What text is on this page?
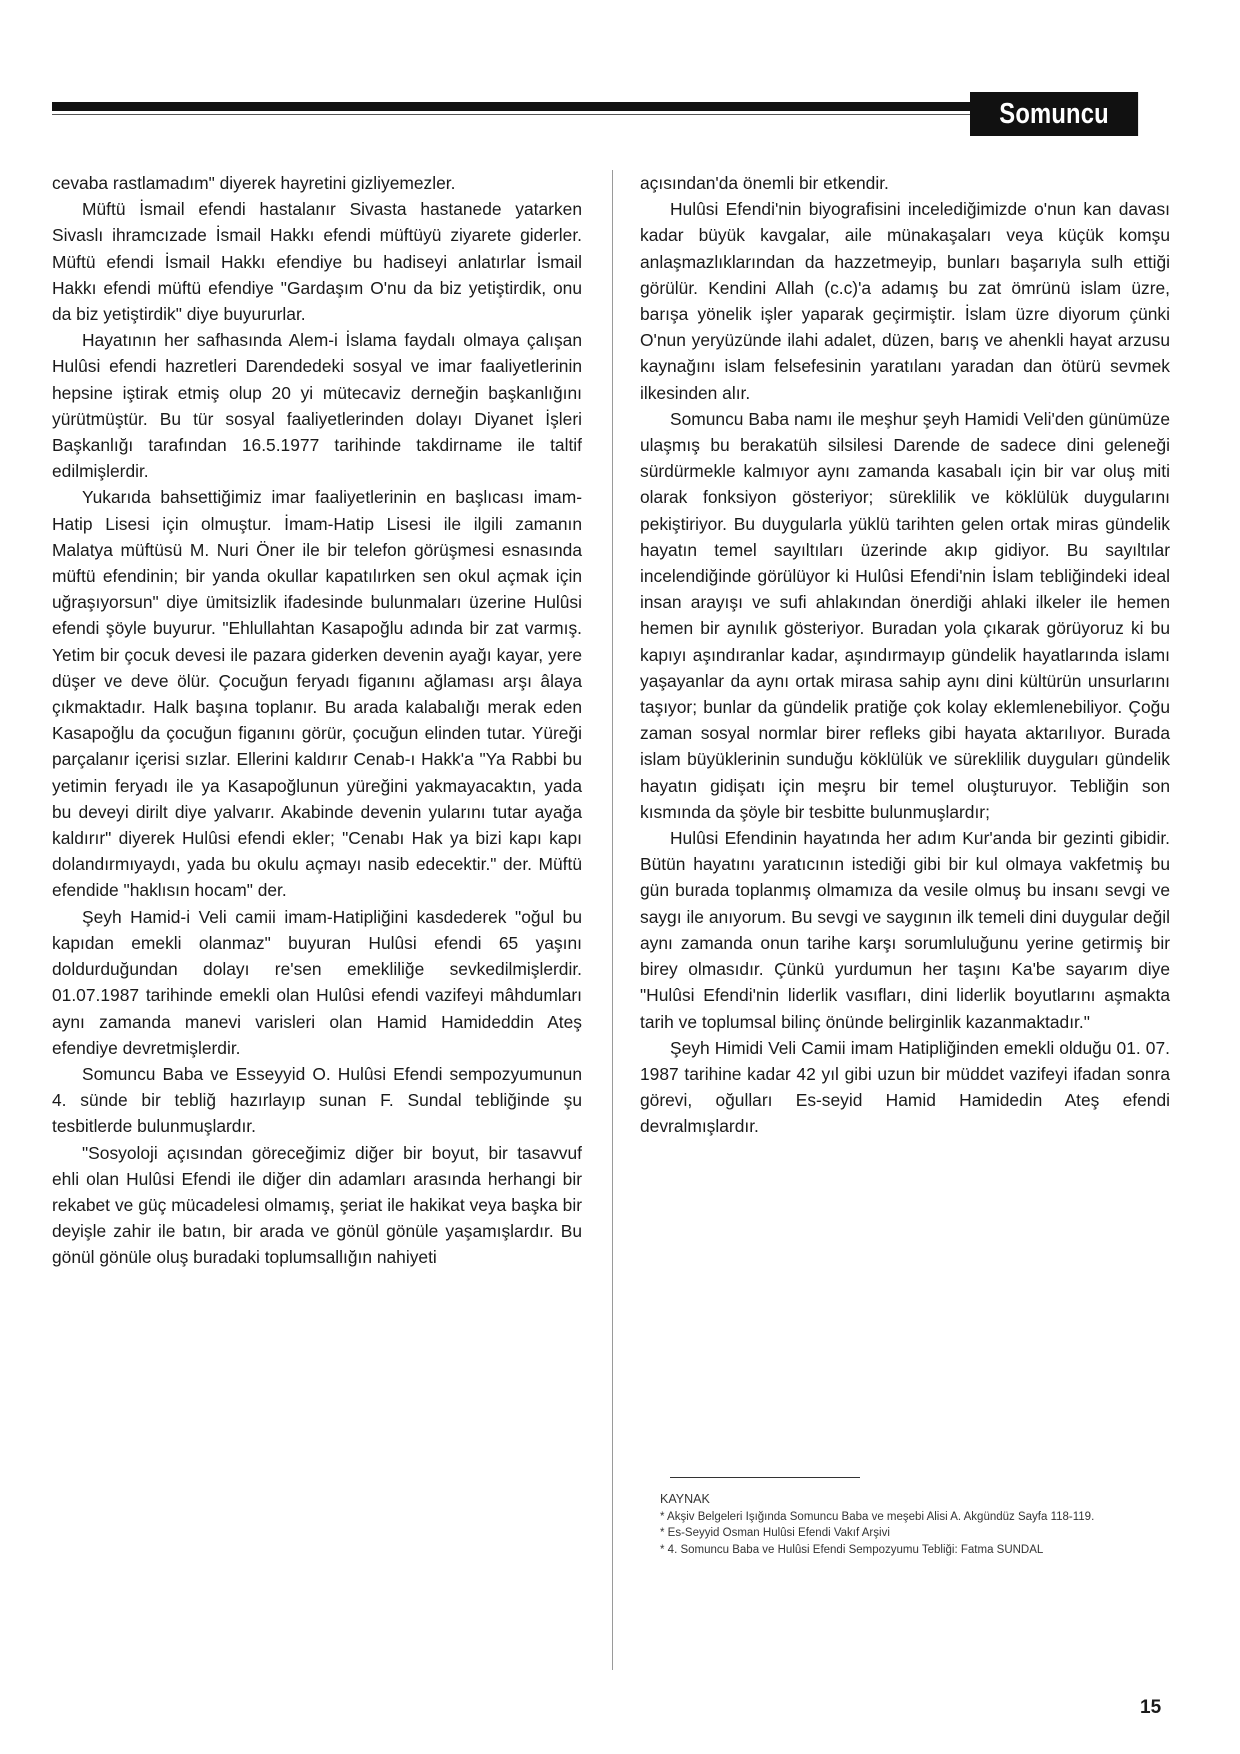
Somuncu Baba

cevaba rastlamadım" diyerek hayretini gizliyemezler.

Müftü İsmail efendi hastalanır Sivasta hastanede yatarken Sivaslı ihramcızade İsmail Hakkı efendi müftüyü ziyarete giderler. Müftü efendi İsmail Hakkı efendiye bu hadiseyi anlatırlar İsmail Hakkı efendi müftü efendiye "Gardaşım O'nu da biz yetiştirdik, onu da biz yetiştirdik" diye buyururlar.

Hayatının her safhasında Alem-i İslama faydalı olmaya çalışan Hulûsi efendi hazretleri Darendedeki sosyal ve imar faaliyetlerinin hepsine iştirak etmiş olup 20 yi mütecaviz derneğin başkanlığını yürütmüştür. Bu tür sosyal faaliyetlerinden dolayı Diyanet İşleri Başkanlığı tarafından 16.5.1977 tarihinde takdirname ile taltif edilmişlerdir.

Yukarıda bahsettiğimiz imar faaliyetlerinin en başlıcası imam-Hatip Lisesi için olmuştur. İmam-Hatip Lisesi ile ilgili zamanın Malatya müftüsü M. Nuri Öner ile bir telefon görüşmesi esnasında müftü efendinin; bir yanda okullar kapatılırken sen okul açmak için uğraşıyorsun" diye ümitsizlik ifadesinde bulunmaları üzerine Hulûsi efendi şöyle buyurur. "Ehlullahtan Kasapoğlu adında bir zat varmış. Yetim bir çocuk devesi ile pazara giderken devenin ayağı kayar, yere düşer ve deve ölür. Çocuğun feryadı figanını ağlaması arşı âlaya çıkmaktadır. Halk başına toplanır. Bu arada kalabalığı merak eden Kasapoğlu da çocuğun figanını görür, çocuğun elinden tutar. Yüreği parçalanır içerisi sızlar. Ellerini kaldırır Cenab-ı Hakk'a "Ya Rabbi bu yetimin feryadı ile ya Kasapoğlunun yüreğini yakmayacaktın, yada bu deveyi dirilt diye yalvarır. Akabinde devenin yularını tutar ayağa kaldırır" diyerek Hulûsi efendi ekler; "Cenabı Hak ya bizi kapı kapı dolandırmıyaydı, yada bu okulu açmayı nasib edecektir." der. Müftü efendide "haklısın hocam" der.

Şeyh Hamid-i Veli camii imam-Hatipliğini kasdederek "oğul bu kapıdan emekli olanmaz" buyuran Hulûsi efendi 65 yaşını doldurduğundan dolayı re'sen emekliliğe sevkedilmişlerdir. 01.07.1987 tarihinde emekli olan Hulûsi efendi vazifeyi mâhdumları aynı zamanda manevi varisleri olan Hamid Hamideddin Ateş efendiye devretmişlerdir.

Somuncu Baba ve Esseyyid O. Hulûsi Efendi sempozyumunun 4. sünde bir tebliğ hazırlayıp sunan F. Sundal tebliğinde şu tesbitlerde bulunmuşlardır.

"Sosyoloji açısından göreceğimiz diğer bir boyut, bir tasavvuf ehli olan Hulûsi Efendi ile diğer din adamları arasında herhangi bir rekabet ve güç mücadelesi olmamış, şeriat ile hakikat veya başka bir deyişle zahir ile batın, bir arada ve gönül gönüle yaşamışlardır. Bu gönül gönüle oluş buradaki toplumsallığın nahiyeti

açısından'da önemli bir etkendir.

Hulûsi Efendi'nin biyografisini incelediğimizde o'nun kan davası kadar büyük kavgalar, aile münakaşaları veya küçük komşu anlaşmazlıklarından da hazzetmeyip, bunları başarıyla sulh ettiği görülür. Kendini Allah (c.c)'a adamış bu zat ömrünü islam üzre, barışa yönelik işler yaparak geçirmiştir. İslam üzre diyorum çünki O'nun yeryüzünde ilahi adalet, düzen, barış ve ahenkli hayat arzusu kaynağını islam felsefesinin yaratılanı yaradan dan ötürü sevmek ilkesinden alır.

Somuncu Baba namı ile meşhur şeyh Hamidi Veli'den günümüze ulaşmış bu berakatüh silsilesi Darende de sadece dini geleneği sürdürmekle kalmıyor aynı zamanda kasabalı için bir var oluş miti olarak fonksiyon gösteriyor; süreklilik ve köklülük duygularını pekiştiriyor. Bu duygularla yüklü tarihten gelen ortak miras gündelik hayatın temel sayıltıları üzerinde akıp gidiyor. Bu sayıltılar incelendiğinde görülüyor ki Hulûsi Efendi'nin İslam tebliğindeki ideal insan arayışı ve sufi ahlakından önerdiği ahlaki ilkeler ile hemen hemen bir aynılık gösteriyor. Buradan yola çıkarak görüyoruz ki bu kapıyı aşındıranlar kadar, aşındırmayıp gündelik hayatlarında islamı yaşayanlar da aynı ortak mirasa sahip aynı dini kültürün unsurlarını taşıyor; bunlar da gündelik pratiğe çok kolay eklemlenebiliyor. Çoğu zaman sosyal normlar birer refleks gibi hayata aktarılıyor. Burada islam büyüklerinin sunduğu köklülük ve süreklilik duyguları gündelik hayatın gidişatı için meşru bir temel oluşturuyor. Tebliğin son kısmında da şöyle bir tesbitte bulunmuşlardır;

Hulûsi Efendinin hayatında her adım Kur'anda bir gezinti gibidir. Bütün hayatını yaratıcının istediği gibi bir kul olmaya vakfetmiş bu gün burada toplanmış olmamıza da vesile olmuş bu insanı sevgi ve saygı ile anıyorum. Bu sevgi ve saygının ilk temeli dini duygular değil aynı zamanda onun tarihe karşı sorumluluğunu yerine getirmiş bir birey olmasıdır. Çünkü yurdumun her taşını Ka'be sayarım diye "Hulûsi Efendi'nin liderlik vasıfları, dini liderlik boyutlarını aşmakta tarih ve toplumsal bilinç önünde belirginlik kazanmaktadır."

Şeyh Himidi Veli Camii imam Hatipliğinden emekli olduğu 01. 07. 1987 tarihine kadar 42 yıl gibi uzun bir müddet vazifeyi ifadan sonra görevi, oğulları Es-seyid Hamid Hamidedin Ateş efendi devralmışlardır.

KAYNAK
* Akşiv Belgeleri Işığında Somuncu Baba ve meşebi Alisi A. Akgündüz Sayfa 118-119.
* Es-Seyyid Osman Hulûsi Efendi Vakıf Arşivi
* 4. Somuncu Baba ve Hulûsi Efendi Sempozyumu Tebliği: Fatma SUNDAL
15
